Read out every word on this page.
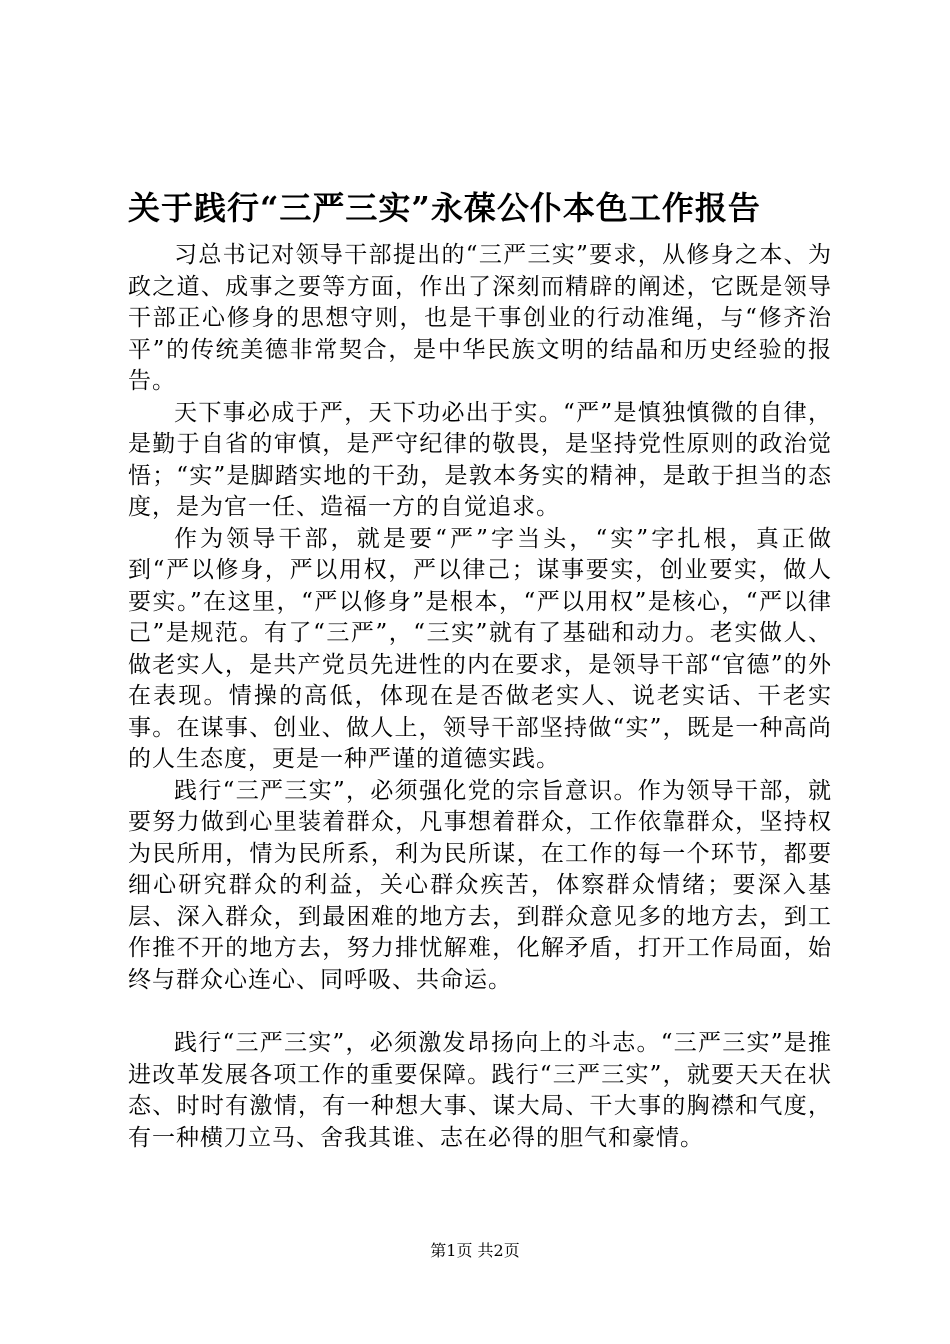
关于践行“三严三实”永葆公仆本色工作报告

习总书记对领导干部提出的“三严三实”要求，从修身之本、为政之道、成事之要等方面，作出了深刻而精辟的阐述，它既是领导干部正心修身的思想守则，也是干事创业的行动准绳，与“修齐治平”的传统美德非常契合，是中华民族文明的结晶和历史经验的报告。

天下事必成于严，天下功必出于实。“严”是慎独慎微的自律，是勤于自省的审慎，是严守纪律的敬畏，是坚持党性原则的政治觉悟；“实”是脚踏实地的干劲，是敦本务实的精神，是敢于担当的态度，是为官一任、造福一方的自觉追求。

作为领导干部，就是要“严”字当头，“实”字扎根，真正做到“严以修身，严以用权，严以律己；谋事要实，创业要实，做人要实。”在这里，“严以修身”是根本，“严以用权”是核心，“严以律己”是规范。有了“三严”，“三实”就有了基础和动力。老实做人、做老实人，是共产党员先进性的内在要求，是领导干部“官德”的外在表现。情操的高低，体现在是否做老实人、说老实话、干老实事。在谋事、创业、做人上，领导干部坚持做“实”，既是一种高尚的人生态度，更是一种严谨的道德实践。

践行“三严三实”，必须强化党的宗旨意识。作为领导干部，就要努力做到心里装着群众，凡事想着群众，工作依靠群众，坚持权为民所用，情为民所系，利为民所谋，在工作的每一个环节，都要细心研究群众的利益，关心群众疾苦，体察群众情绪；要深入基层、深入群众，到最困难的地方去，到群众意见多的地方去，到工作推不开的地方去，努力排忧解难，化解矛盾，打开工作局面，始终与群众心连心、同呼吸、共命运。

践行“三严三实”，必须激发昂扬向上的斗志。“三严三实”是推进改革发展各项工作的重要保障。践行“三严三实”，就要天天在状态、时时有激情，有一种想大事、谋大局、干大事的胸襟和气度，有一种横刀立马、舍我其谁、志在必得的胆气和豪情。

第1页 共2页
